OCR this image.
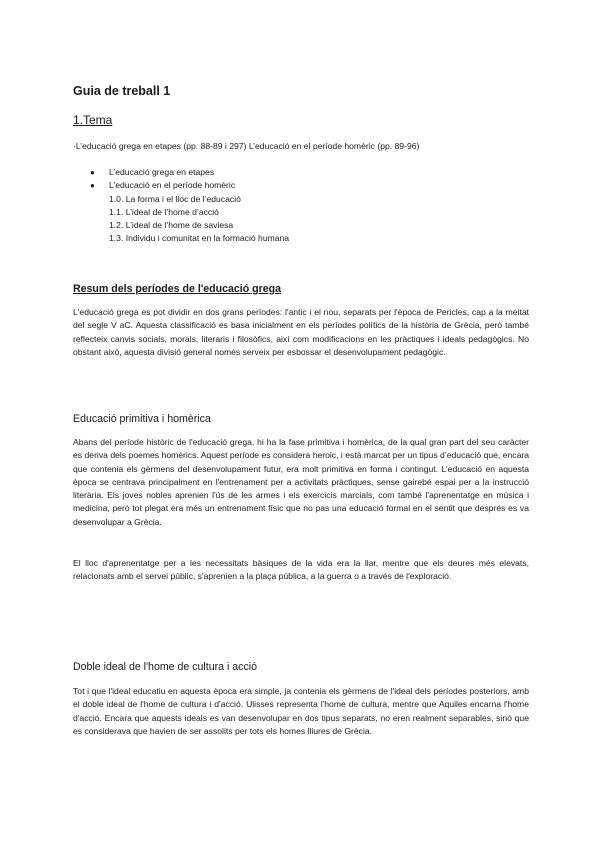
Guia de treball 1
1.Tema
·L’educació grega en etapes (pp. 88-89 i 297) L’educació en el període homèric (pp. 89-96)
● L’educació grega en etapes
● L’educació en el període homèric
1.0. La forma i el lloc de l’educació
1.1. L’ideal de l’home d’acció
1.2. L’ideal de l’home de saviesa
1.3. Individu i comunitat en la formació humana
Resum dels períodes de l'educació grega

L'educació grega es pot dividir en dos grans períodes: l'antic i el nou, separats per l'època de Pericles, cap a la meitat del segle V aC. Aquesta classificació es basa inicialment en els períodes polítics de la història de Grècia, però també reflecteix canvis socials, morals, literaris i filosòfics, així com modificacions en les pràctiques i ideals pedagògics. No obstant això, aquesta divisió general només serveix per esbossar el desenvolupament pedagògic.

Educació primitiva i homèrica

Abans del període històric de l'educació grega, hi ha la fase primitiva i homèrica, de la qual gran part del seu caràcter es deriva dels poemes homèrics. Aquest període es considera heroic, i està marcat per un tipus d’educació que, encara que contenia els gèrmens del desenvolupament futur, era molt primitiva en forma i contingut. L’educació en aquesta època se centrava principalment en l'entrenament per a activitats pràctiques, sense gairebé espai per a la instrucció literària. Els joves nobles aprenien l'ús de les armes i els exercicis marcials, com també l'aprenentatge en música i medicina, però tot plegat era més un entrenament físic que no pas una educació formal en el sentit que després es va desenvolupar a Grècia.

El lloc d'aprenentatge per a les necessitats bàsiques de la vida era la llar, mentre que els deures més elevats, relacionats amb el servei públic, s'aprenien a la plaça pública, a la guerra o a través de l'exploració.

Doble ideal de l'home de cultura i acció

Tot i que l'ideal educatiu en aquesta època era simple, ja contenia els gèrmens de l'ideal dels períodes posteriors, amb el doble ideal de l'home de cultura i d'acció. Ulisses representa l'home de cultura, mentre que Aquiles encarna l'home d'acció. Encara que aquests ideals es van desenvolupar en dos tipus separats, no eren realment separables, sinó que es considerava que havien de ser assolits per tots els homes lliures de Grècia.
